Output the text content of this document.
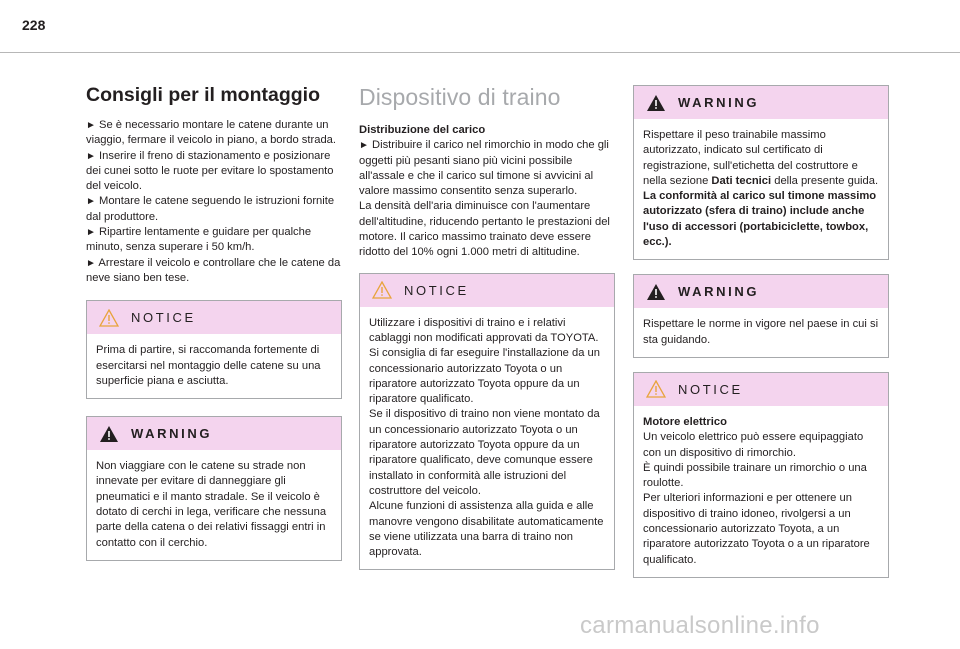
228
Consigli per il montaggio

► Se è necessario montare le catene durante un viaggio, fermare il veicolo in piano, a bordo strada.
► Inserire il freno di stazionamento e posizionare dei cunei sotto le ruote per evitare lo spostamento del veicolo.
► Montare le catene seguendo le istruzioni fornite dal produttore.
► Ripartire lentamente e guidare per qualche minuto, senza superare i 50 km/h.
► Arrestare il veicolo e controllare che le catene da neve siano ben tese.

NOTICE

Prima di partire, si raccomanda fortemente di esercitarsi nel montaggio delle catene su una superficie piana e asciutta.

WARNING

Non viaggiare con le catene su strade non innevate per evitare di danneggiare gli pneumatici e il manto stradale. Se il veicolo è dotato di cerchi in lega, verificare che nessuna parte della catena o dei relativi fissaggi entri in contatto con il cerchio.

Dispositivo di traino

Distribuzione del carico

► Distribuire il carico nel rimorchio in modo che gli oggetti più pesanti siano più vicini possibile all'assale e che il carico sul timone si avvicini al valore massimo consentito senza superarlo.
La densità dell'aria diminuisce con l'aumentare dell'altitudine, riducendo pertanto le prestazioni del motore. Il carico massimo trainato deve essere ridotto del 10% ogni 1.000 metri di altitudine.

NOTICE

Utilizzare i dispositivi di traino e i relativi cablaggi non modificati approvati da TOYOTA. Si consiglia di far eseguire l'installazione da un concessionario autorizzato Toyota o un riparatore autorizzato Toyota oppure da un riparatore qualificato.

Se il dispositivo di traino non viene montato da un concessionario autorizzato Toyota o un riparatore autorizzato Toyota oppure da un riparatore qualificato, deve comunque essere installato in conformità alle istruzioni del costruttore del veicolo.

Alcune funzioni di assistenza alla guida e alle manovre vengono disabilitate automaticamente se viene utilizzata una barra di traino non approvata.

WARNING

Rispettare il peso trainabile massimo autorizzato, indicato sul certificato di registrazione, sull'etichetta del costruttore e nella sezione Dati tecnici della presente guida.

La conformità al carico sul timone massimo autorizzato (sfera di traino) include anche l'uso di accessori (portabiciclette, towbox, ecc.).

WARNING

Rispettare le norme in vigore nel paese in cui si sta guidando.

NOTICE

Motore elettrico

Un veicolo elettrico può essere equipaggiato con un dispositivo di rimorchio.

È quindi possibile trainare un rimorchio o una roulotte.

Per ulteriori informazioni e per ottenere un dispositivo di traino idoneo, rivolgersi a un concessionario autorizzato Toyota, a un riparatore autorizzato Toyota o a un riparatore qualificato.

carmanualsonline.info
